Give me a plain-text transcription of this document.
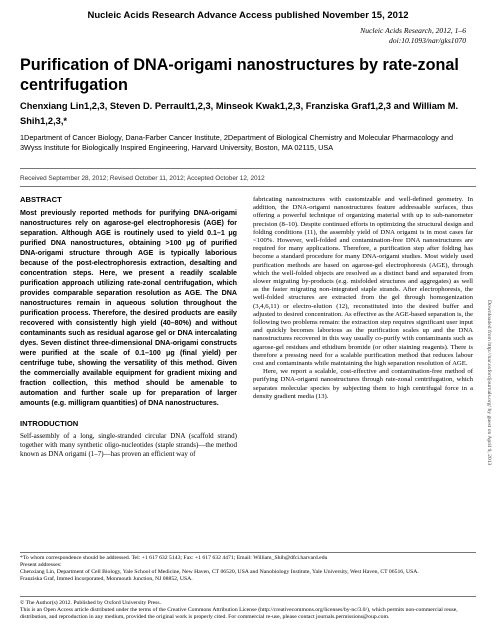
Nucleic Acids Research Advance Access published November 15, 2012
Nucleic Acids Research, 2012, 1–6
doi:10.1093/nar/gks1070
Purification of DNA-origami nanostructures by rate-zonal centrifugation
Chenxiang Lin1,2,3, Steven D. Perrault1,2,3, Minseok Kwak1,2,3, Franziska Graf1,2,3 and William M. Shih1,2,3,*
1Department of Cancer Biology, Dana-Farber Cancer Institute, 2Department of Biological Chemistry and Molecular Pharmacology and 3Wyss Institute for Biologically Inspired Engineering, Harvard University, Boston, MA 02115, USA
Received September 28, 2012; Revised October 11, 2012; Accepted October 12, 2012
ABSTRACT
Most previously reported methods for purifying DNA-origami nanostructures rely on agarose-gel electrophoresis (AGE) for separation. Although AGE is routinely used to yield 0.1–1 μg purified DNA nanostructures, obtaining >100 μg of purified DNA-origami structure through AGE is typically laborious because of the post-electrophoresis extraction, desalting and concentration steps. Here, we present a readily scalable purification approach utilizing rate-zonal centrifugation, which provides comparable separation resolution as AGE. The DNA nanostructures remain in aqueous solution throughout the purification process. Therefore, the desired products are easily recovered with consistently high yield (40–80%) and without contaminants such as residual agarose gel or DNA intercalating dyes. Seven distinct three-dimensional DNA-origami constructs were purified at the scale of 0.1–100 μg (final yield) per centrifuge tube, showing the versatility of this method. Given the commercially available equipment for gradient mixing and fraction collection, this method should be amenable to automation and further scale up for preparation of larger amounts (e.g. milligram quantities) of DNA nanostructures.
INTRODUCTION
Self-assembly of a long, single-stranded circular DNA (scaffold strand) together with many synthetic oligo-nucleotides (staple strands)—the method known as DNA origami (1–7)—has proven an efficient way of
fabricating nanostructures with customizable and well-defined geometry. In addition, the DNA-origami nanostructures feature addressable surfaces, thus offering a powerful technique of organizing material with up to sub-nanometer precision (8–10). Despite continued efforts in optimizing the structural design and folding conditions (11), the assembly yield of DNA origami is in most cases far <100%. However, well-folded and contamination-free DNA nanostructures are required for many applications. Therefore, a purification step after folding has become a standard procedure for many DNA-origami studies. Most widely used purification methods are based on agarose-gel electrophoresis (AGE), through which the well-folded objects are resolved as a distinct band and separated from slower migrating by-products (e.g. misfolded structures and aggregates) as well as the faster migrating non-integrated staple strands. After electrophoresis, the well-folded structures are extracted from the gel through homogenization (3,4,6,11) or electro-elution (12), reconstituted into the desired buffer and adjusted to desired concentration. As effective as the AGE-based separation is, the following two problems remain: the extraction step requires significant user input and quickly becomes laborious as the purification scales up and the DNA nanostructures recovered in this way usually co-purify with contaminants such as agarose-gel residues and ethidium bromide (or other staining reagents). There is therefore a pressing need for a scalable purification method that reduces labour cost and contaminants while maintaining the high separation resolution of AGE.
Here, we report a scalable, cost-effective and contamination-free method of purifying DNA-origami nanostructures through rate-zonal centrifugation, which separates molecular species by subjecting them to high centrifugal force in a density gradient media (13).	Downloaded from http://nar.oxfordjournals.org/ by guest on April 9, 2013
*To whom correspondence should be addressed. Tel: +1 617 632 5143; Fax: +1 617 632 4471; Email: William_Shih@dfci.harvard.edu
Present addresses:
Chenxiang Lin, Department of Cell Biology, Yale School of Medicine, New Haven, CT 06520, USA and Nanobiology Institute, Yale University, West Haven, CT 06516, USA.
Franziska Graf, Immed Incorporated, Monmouth Junction, NJ 08852, USA.
© The Author(s) 2012. Published by Oxford University Press.
This is an Open Access article distributed under the terms of the Creative Commons Attribution License (http://creativecommons.org/licenses/by-nc/3.0/), which permits non-commercial reuse, distribution, and reproduction in any medium, provided the original work is properly cited. For commercial re-use, please contact journals.permissions@oup.com.
